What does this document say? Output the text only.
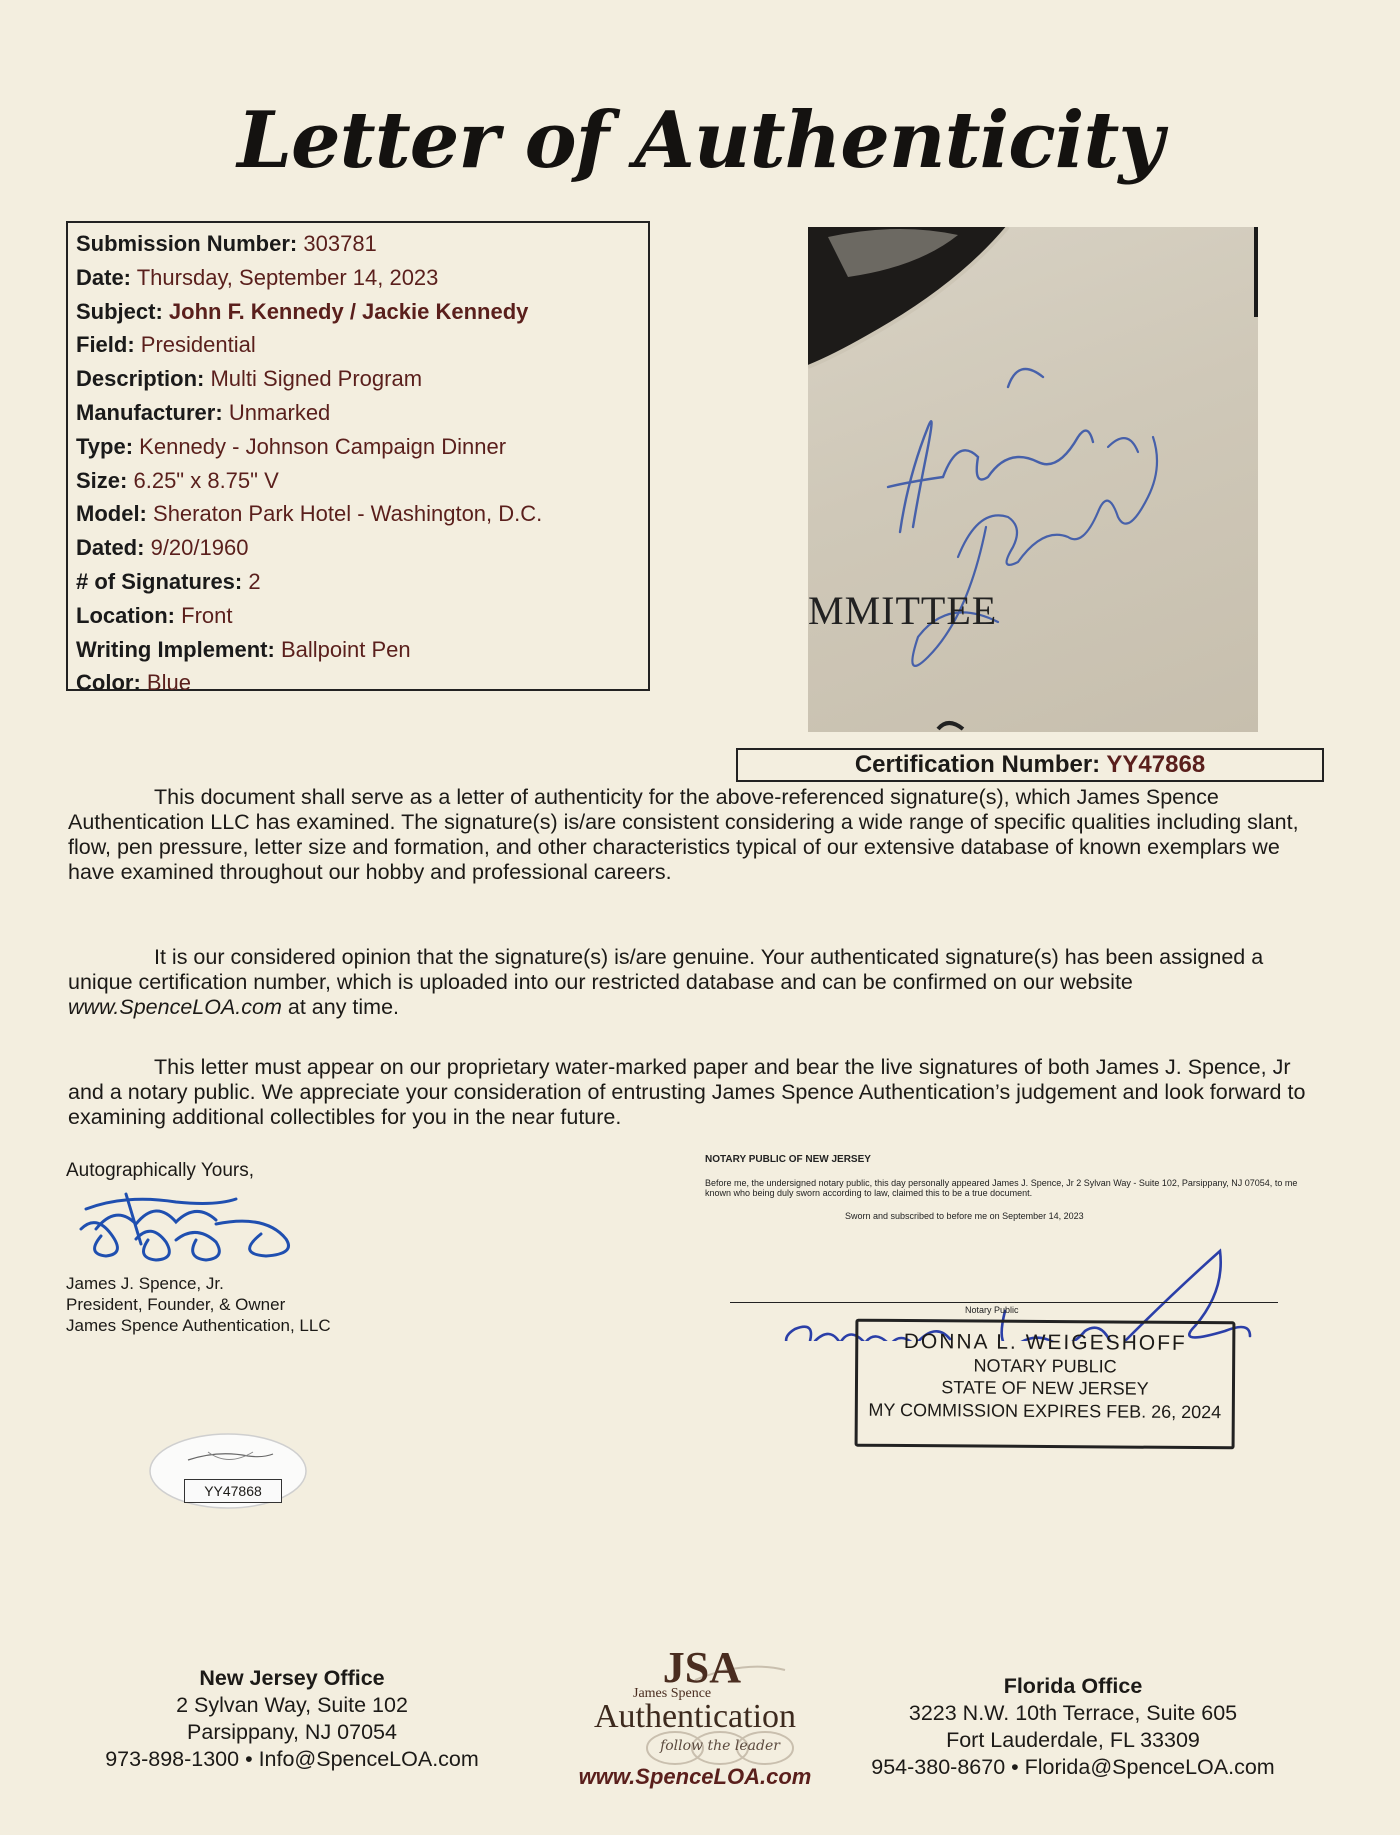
Letter of Authenticity
Submission Number: 303781
Date: Thursday, September 14, 2023
Subject: John F. Kennedy / Jackie Kennedy
Field: Presidential
Description: Multi Signed Program
Manufacturer: Unmarked
Type: Kennedy - Johnson Campaign Dinner
Size: 6.25" x 8.75" V
Model: Sheraton Park Hotel - Washington, D.C.
Dated: 9/20/1960
# of Signatures: 2
Location: Front
Writing Implement: Ballpoint Pen
Color: Blue
MMITTEE
Certification Number: YY47868

This document shall serve as a letter of authenticity for the above-referenced signature(s), which James Spence Authentication LLC has examined. The signature(s) is/are consistent considering a wide range of specific qualities including slant, flow, pen pressure, letter size and formation, and other characteristics typical of our extensive database of known exemplars we have examined throughout our hobby and professional careers.

It is our considered opinion that the signature(s) is/are genuine. Your authenticated signature(s) has been assigned a unique certification number, which is uploaded into our restricted database and can be confirmed on our website www.SpenceLOA.com at any time.

This letter must appear on our proprietary water-marked paper and bear the live signatures of both James J. Spence, Jr and a notary public. We appreciate your consideration of entrusting James Spence Authentication’s judgement and look forward to examining additional collectibles for you in the near future.

Autographically Yours,
James J. Spence, Jr.
President, Founder, & Owner
James Spence Authentication, LLC
NOTARY PUBLIC OF NEW JERSEY
Before me, the undersigned notary public, this day personally appeared James J. Spence, Jr 2 Sylvan Way - Suite 102, Parsippany, NJ 07054, to me known who being duly sworn according to law, claimed this to be a true document.
Sworn and subscribed to before me on September 14, 2023
Notary Public
DONNA L. WEIGESHOFF
NOTARY PUBLIC
STATE OF NEW JERSEY
MY COMMISSION EXPIRES FEB. 26, 2024
YY47868
New Jersey Office
2 Sylvan Way, Suite 102
Parsippany, NJ 07054
973-898-1300 • Info@SpenceLOA.com
JSA
James Spence
Authentication
follow the leader
www.SpenceLOA.com
Florida Office
3223 N.W. 10th Terrace, Suite 605
Fort Lauderdale, FL 33309
954-380-8670 • Florida@SpenceLOA.com
